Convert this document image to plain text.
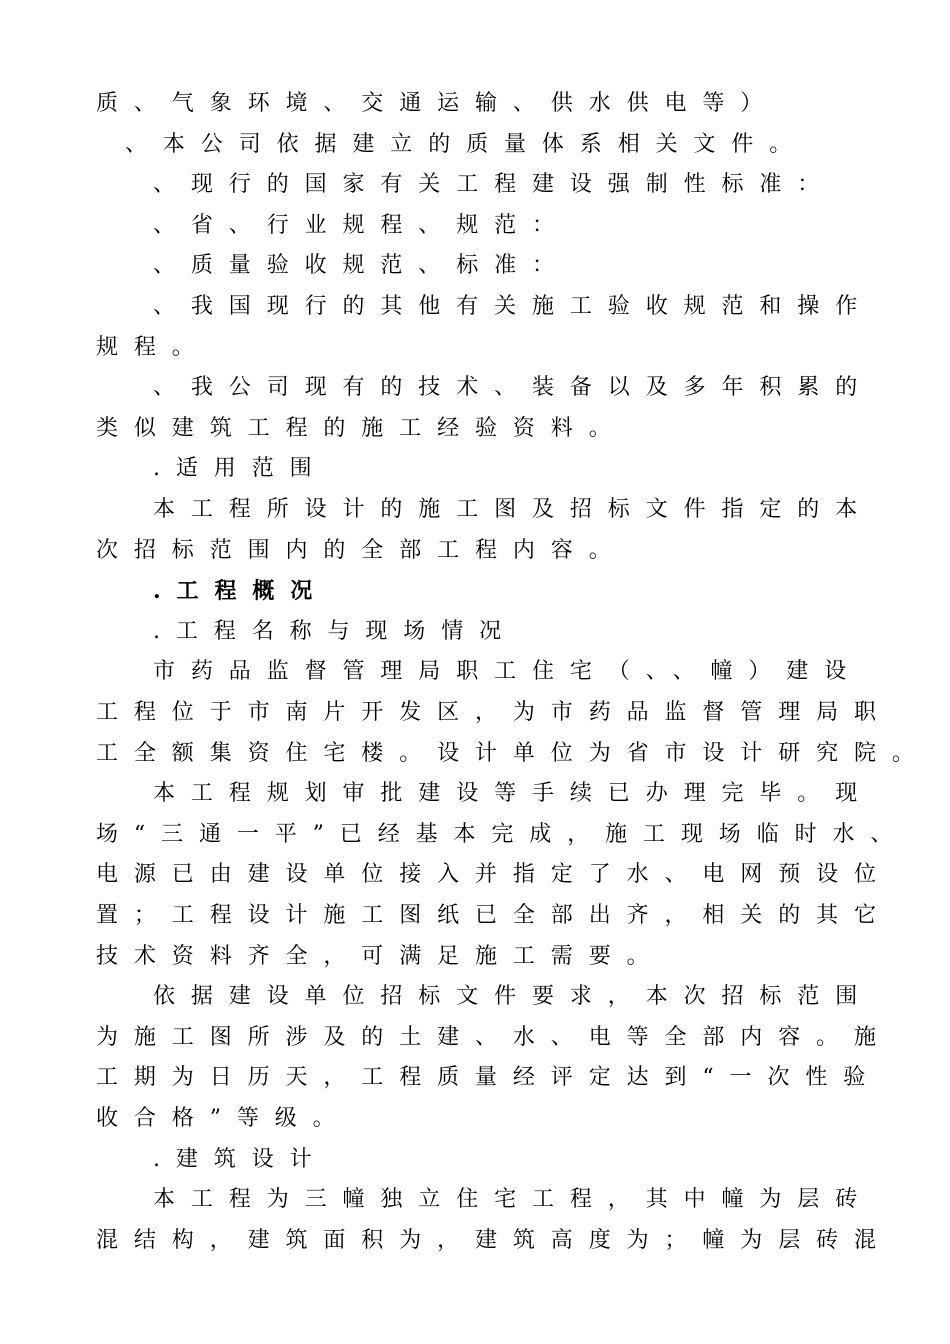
质、气象环境、交通运输、供水供电等）
、本公司依据建立的质量体系相关文件。
、现行的国家有关工程建设强制性标准：
、省、行业规程、规范：
、质量验收规范、标准：
、我国现行的其他有关施工验收规范和操作
规程。
、我公司现有的技术、装备以及多年积累的
类似建筑工程的施工经验资料。
.适用范围
本工程所设计的施工图及招标文件指定的本
次招标范围内的全部工程内容。
.工程概况
.工程名称与现场情况
市药品监督管理局职工住宅（、、幢）建设
工程位于市南片开发区，为市药品监督管理局职
工全额集资住宅楼。设计单位为省市设计研究院。
本工程规划审批建设等手续已办理完毕。现
场“三通一平”已经基本完成，施工现场临时水、
电源已由建设单位接入并指定了水、电网预设位
置；工程设计施工图纸已全部出齐，相关的其它
技术资料齐全，可满足施工需要。
依据建设单位招标文件要求，本次招标范围
为施工图所涉及的土建、水、电等全部内容。施
工期为日历天，工程质量经评定达到“一次性验
收合格”等级。
.建筑设计
本工程为三幢独立住宅工程，其中幢为层砖
混结构，建筑面积为，建筑高度为；幢为层砖混
